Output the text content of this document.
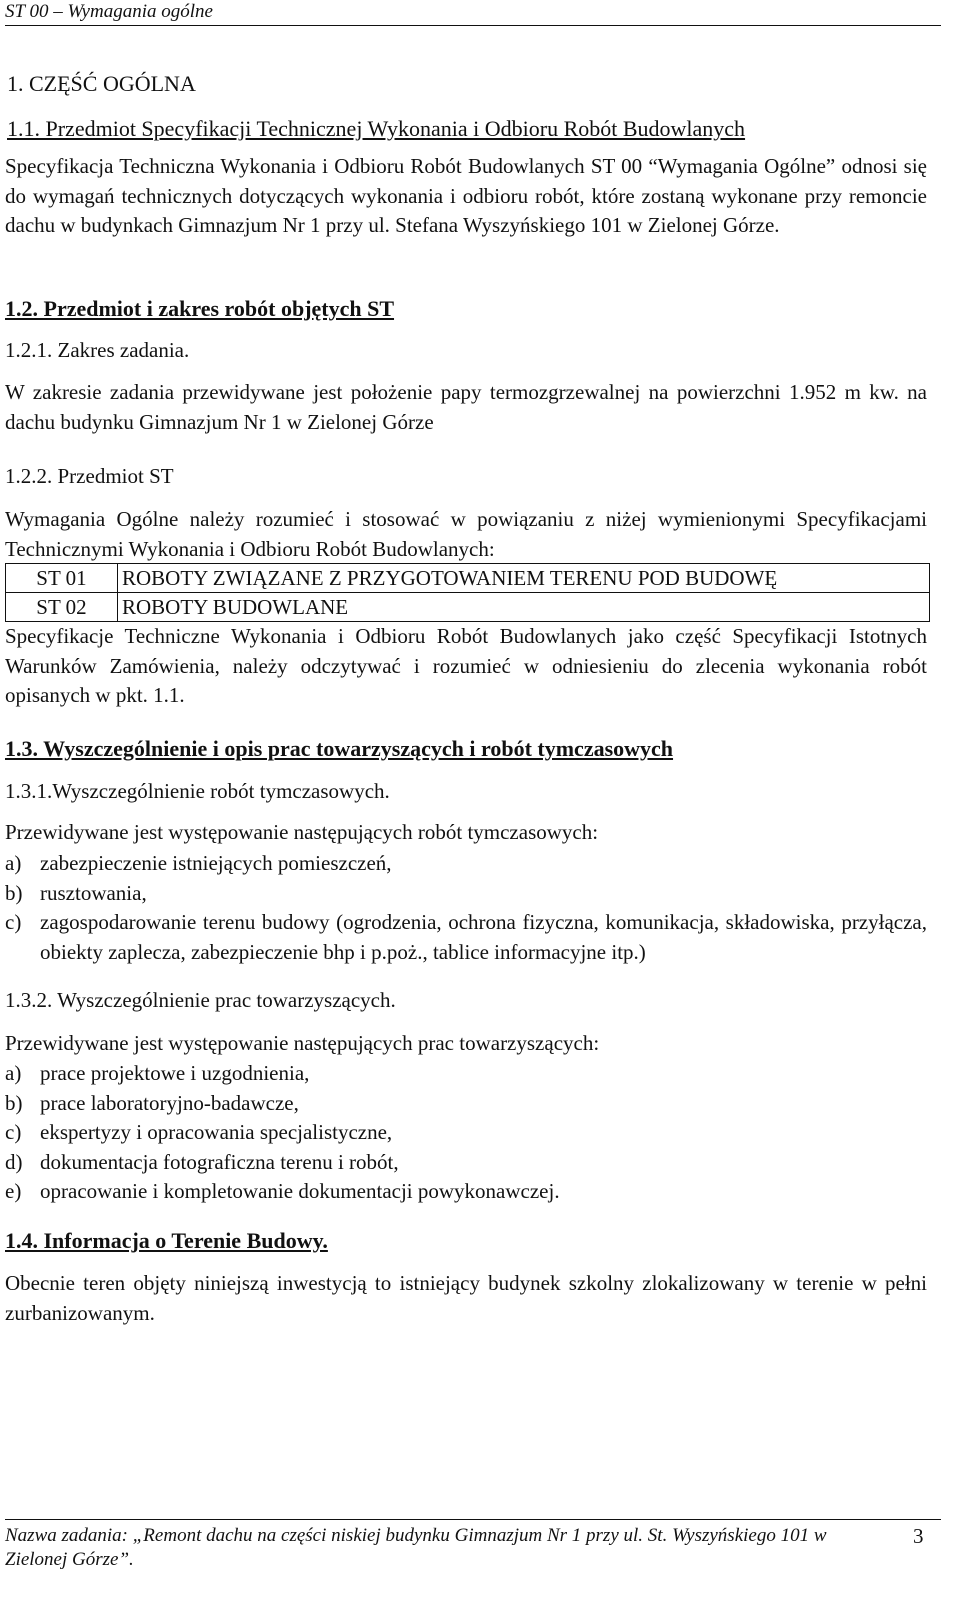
ST 00 – Wymagania ogólne
1. CZĘŚĆ OGÓLNA
1.1. Przedmiot Specyfikacji Technicznej Wykonania i Odbioru Robót Budowlanych

Specyfikacja Techniczna Wykonania i Odbioru Robót Budowlanych ST 00 “Wymagania Ogólne” odnosi się do wymagań technicznych dotyczących wykonania i odbioru robót, które zostaną wykonane przy remoncie dachu w budynkach Gimnazjum Nr 1 przy ul. Stefana Wyszyńskiego 101 w Zielonej Górze.

1.2. Przedmiot i zakres robót objętych ST
1.2.1. Zakres zadania.

W zakresie zadania przewidywane jest położenie papy termozgrzewalnej na powierzchni 1.952 m kw. na dachu budynku Gimnazjum Nr 1 w Zielonej Górze

1.2.2. Przedmiot ST

Wymagania Ogólne należy rozumieć i stosować w powiązaniu z niżej wymienionymi Specyfikacjami Technicznymi Wykonania i Odbioru Robót Budowlanych:

ST 01	ROBOTY ZWIĄZANE Z PRZYGOTOWANIEM TERENU POD BUDOWĘ
ST 02	ROBOTY BUDOWLANE

Specyfikacje Techniczne Wykonania i Odbioru Robót Budowlanych jako część Specyfikacji Istotnych Warunków Zamówienia, należy odczytywać i rozumieć w odniesieniu do zlecenia wykonania robót opisanych w pkt. 1.1.

1.3. Wyszczególnienie i opis prac towarzyszących i robót tymczasowych
1.3.1.Wyszczególnienie robót tymczasowych.
Przewidywane jest występowanie następujących robót tymczasowych:
a) zabezpieczenie istniejących pomieszczeń,
b) rusztowania,
c) zagospodarowanie terenu budowy (ogrodzenia, ochrona fizyczna, komunikacja, składowiska, przyłącza, obiekty zaplecza, zabezpieczenie bhp i p.poż., tablice informacyjne itp.)
1.3.2. Wyszczególnienie prac towarzyszących.
Przewidywane jest występowanie następujących prac towarzyszących:
a) prace projektowe i uzgodnienia,
b) prace laboratoryjno-badawcze,
c) ekspertyzy i opracowania specjalistyczne,
d) dokumentacja fotograficzna terenu i robót,
e) opracowanie i kompletowanie dokumentacji powykonawczej.
1.4. Informacja o Terenie Budowy.

Obecnie teren objęty niniejszą inwestycją to istniejący budynek szkolny zlokalizowany w terenie w pełni zurbanizowanym.

Nazwa zadania: „Remont dachu na części niskiej budynku Gimnazjum Nr 1 przy ul. St. Wyszyńskiego 101 w Zielonej Górze”.
3
